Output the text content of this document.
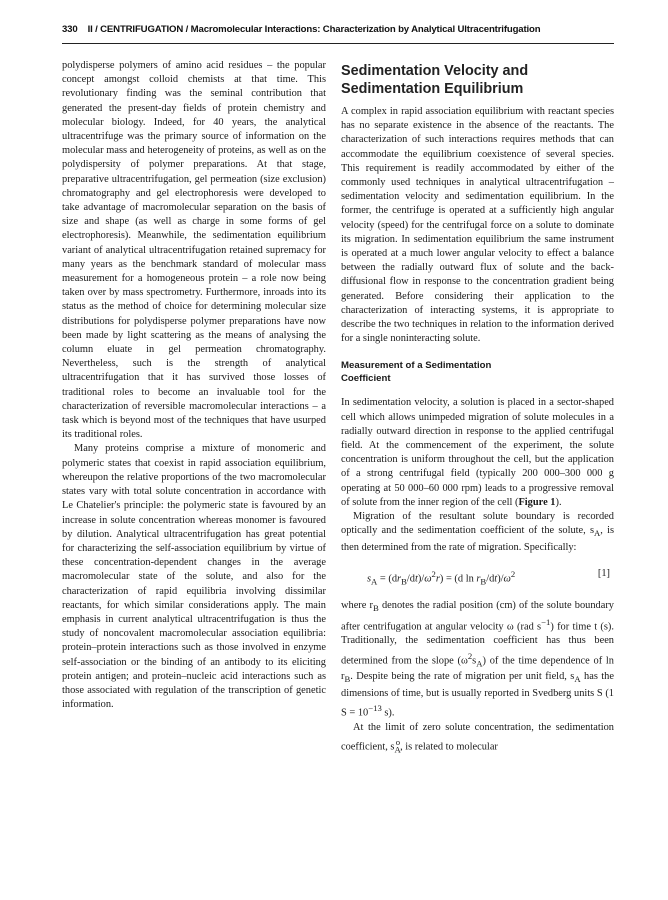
330 II / CENTRIFUGATION / Macromolecular Interactions: Characterization by Analytical Ultracentrifugation

polydisperse polymers of amino acid residues – the popular concept amongst colloid chemists at that time. This revolutionary finding was the seminal contribution that generated the present-day fields of protein chemistry and molecular biology. Indeed, for 40 years, the analytical ultracentrifuge was the primary source of information on the molecular mass and heterogeneity of proteins, as well as on the polydispersity of polymer preparations. At that stage, preparative ultracentrifugation, gel permeation (size exclusion) chromatography and gel electrophoresis were developed to take advantage of macromolecular separation on the basis of size and shape (as well as charge in some forms of gel electrophoresis). Meanwhile, the sedimentation equilibrium variant of analytical ultracentrifugation retained supremacy for many years as the benchmark standard of molecular mass measurement for a homogeneous protein – a role now being taken over by mass spectrometry. Furthermore, inroads into its status as the method of choice for determining molecular size distributions for polydisperse polymer preparations have now been made by light scattering as the means of analysing the column eluate in gel permeation chromatography. Nevertheless, such is the strength of analytical ultracentrifugation that it has survived those losses of traditional roles to become an invaluable tool for the characterization of reversible macromolecular interactions – a task which is beyond most of the techniques that have usurped its traditional roles.

Many proteins comprise a mixture of monomeric and polymeric states that coexist in rapid association equilibrium, whereupon the relative proportions of the two macromolecular states vary with total solute concentration in accordance with Le Chatelier's principle: the polymeric state is favoured by an increase in solute concentration whereas monomer is favoured by dilution. Analytical ultracentrifugation has great potential for characterizing the self-association equilibrium by virtue of these concentration-dependent changes in the average macromolecular state of the solute, and also for the characterization of rapid equilibria involving dissimilar reactants, for which similar considerations apply. The main emphasis in current analytical ultracentrifugation is thus the study of noncovalent macromolecular association equilibria: protein–protein interactions such as those involved in enzyme self-association or the binding of an antibody to its eliciting protein antigen; and protein–nucleic acid interactions such as those associated with regulation of the transcription of genetic information.

Sedimentation Velocity and Sedimentation Equilibrium

A complex in rapid association equilibrium with reactant species has no separate existence in the absence of the reactants. The characterization of such interactions requires methods that can accommodate the equilibrium coexistence of several species. This requirement is readily accommodated by either of the commonly used techniques in analytical ultracentrifugation – sedimentation velocity and sedimentation equilibrium. In the former, the centrifuge is operated at a sufficiently high angular velocity (speed) for the centrifugal force on a solute to dominate its migration. In sedimentation equilibrium the same instrument is operated at a much lower angular velocity to effect a balance between the radially outward flux of solute and the back-diffusional flow in response to the concentration gradient being generated. Before considering their application to the characterization of interacting systems, it is appropriate to describe the two techniques in relation to the information derived for a single noninteracting solute.

Measurement of a Sedimentation Coefficient

In sedimentation velocity, a solution is placed in a sector-shaped cell which allows unimpeded migration of solute molecules in a radially outward direction in response to the applied centrifugal field. At the commencement of the experiment, the solute concentration is uniform throughout the cell, but the application of a strong centrifugal field (typically 200 000–300 000 g operating at 50 000–60 000 rpm) leads to a progressive removal of solute from the inner region of the cell (Figure 1).

Migration of the resultant solute boundary is recorded optically and the sedimentation coefficient of the solute, $s_A$, is then determined from the rate of migration. Specifically:

$s_A = (dr_B/dt)/\omega^2r) = (d$ $\ln r_B/dt)/\omega^2$	[1]

where $r_B$ denotes the radial position (cm) of the solute boundary after centrifugation at angular velocity ω (rad $s^{-1}$) for time t (s). Traditionally, the sedimentation coefficient has thus been determined from the slope $(\omega^2s_A)$ of the time dependence of $\ln r_B$. Despite being the rate of migration per unit field, $s_A$ has the dimensions of time, but is usually reported in Svedberg units S (1 $S = 10^{-13}$ s).

At the limit of zero solute concentration, the sedimentation coefficient, $s_A^o$, is related to molecular
